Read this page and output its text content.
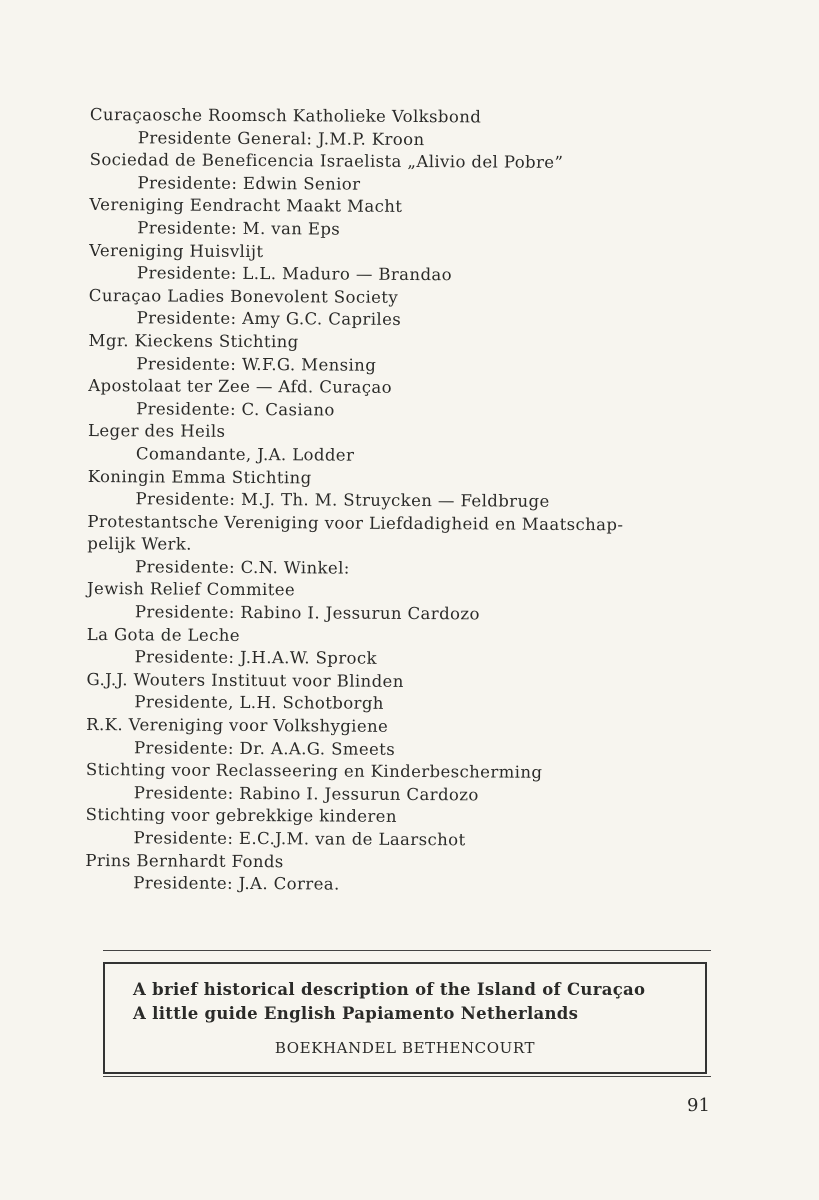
Curaçaosche Roomsch Katholieke Volksbond
Presidente General: J.M.P. Kroon
Sociedad de Beneficencia Israelista „Alivio del Pobre”
Presidente: Edwin Senior
Vereniging Eendracht Maakt Macht
Presidente: M. van Eps
Vereniging Huisvlijt
Presidente: L.L. Maduro — Brandao
Curaçao Ladies Bonevolent Society
Presidente: Amy G.C. Capriles
Mgr. Kieckens Stichting
Presidente: W.F.G. Mensing
Apostolaat ter Zee — Afd. Curaçao
Presidente: C. Casiano
Leger des Heils
Comandante, J.A. Lodder
Koningin Emma Stichting
Presidente: M.J. Th. M. Struycken — Feldbruge
Protestantsche Vereniging voor Liefdadigheid en Maatschap-
pelijk Werk.
Presidente: C.N. Winkel:
Jewish Relief Commitee
Presidente: Rabino I. Jessurun Cardozo
La Gota de Leche
Presidente: J.H.A.W. Sprock
G.J.J. Wouters Instituut voor Blinden
Presidente, L.H. Schotborgh
R.K. Vereniging voor Volkshygiene
Presidente: Dr. A.A.G. Smeets
Stichting voor Reclasseering en Kinderbescherming
Presidente: Rabino I. Jessurun Cardozo
Stichting voor gebrekkige kinderen
Presidente: E.C.J.M. van de Laarschot
Prins Bernhardt Fonds
Presidente: J.A. Correa.
A brief historical description of the Island of Curaçao
A little guide English Papiamento Netherlands
BOEKHANDEL BETHENCOURT
91
